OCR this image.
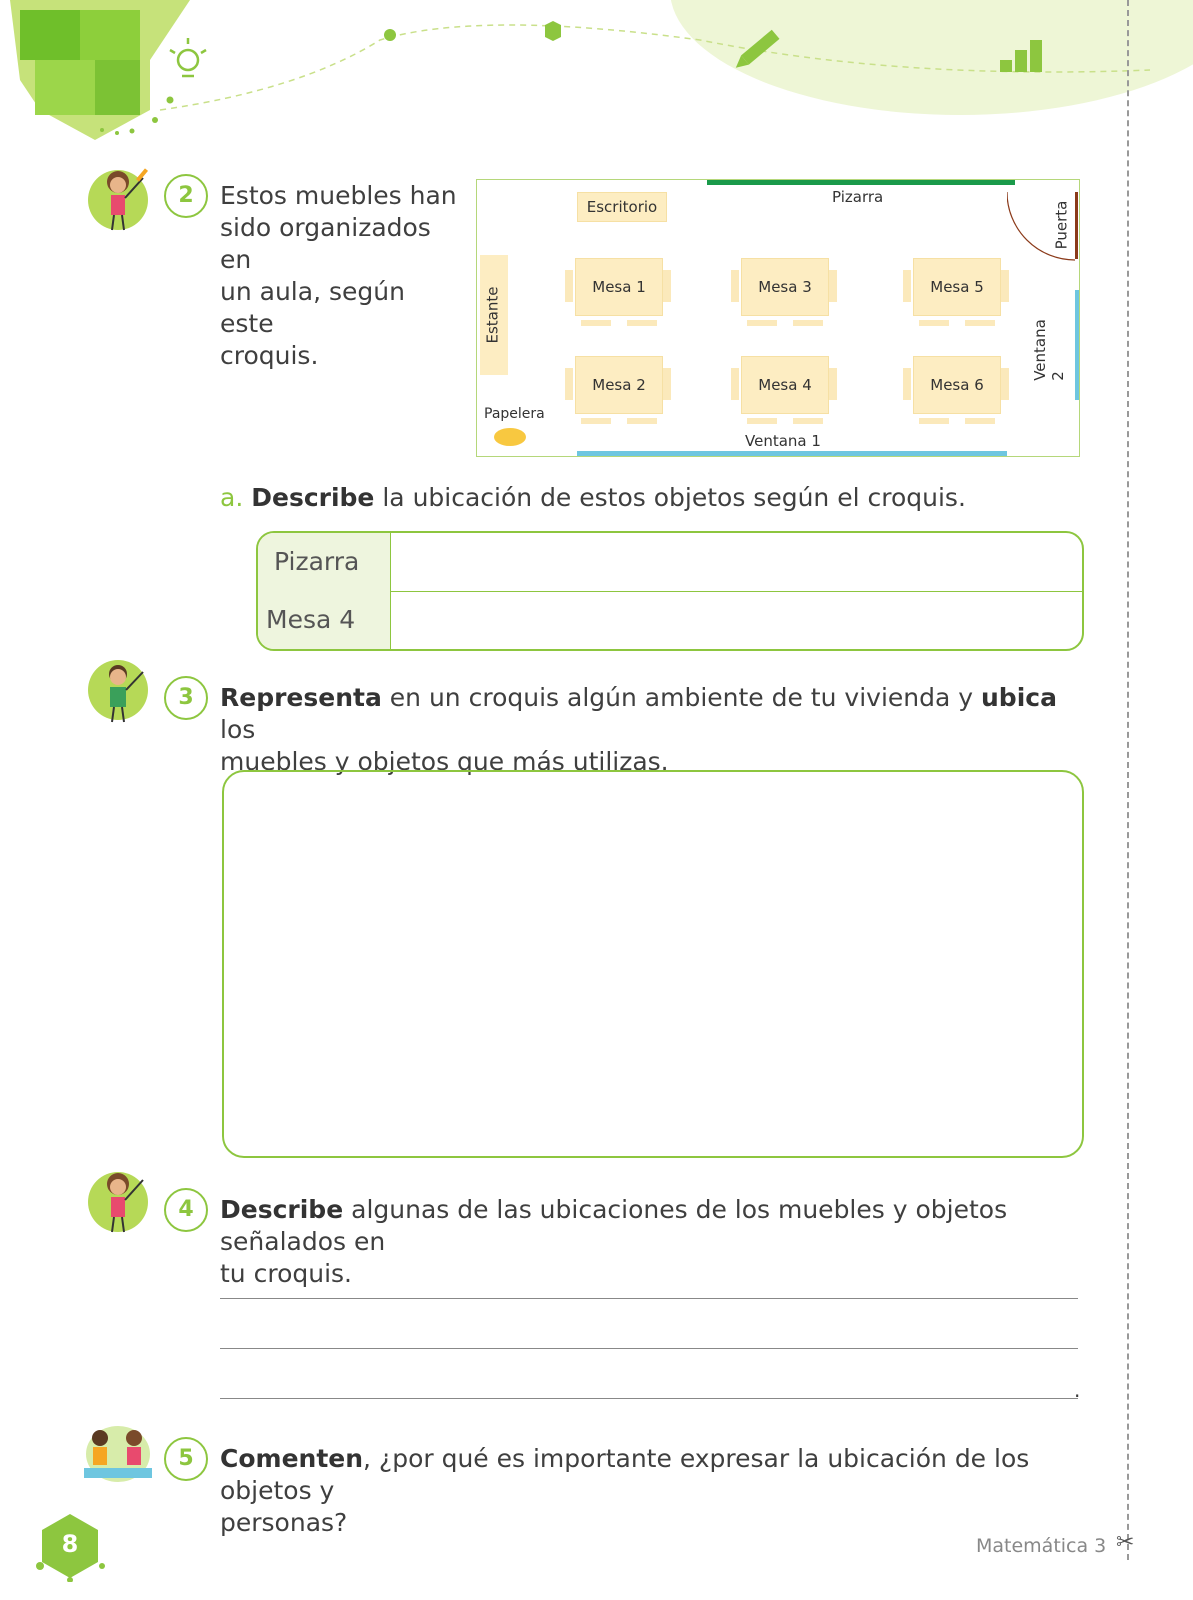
2	Estos muebles han
sido organizados en
un aula, según este
croquis.
Pizarra
Escritorio	Puerta
Ventana 2
Estante
Papelera
Ventana 1
Mesa 1	Mesa 3	Mesa 5
Mesa 2	Mesa 4	Mesa 6
a. Describe la ubicación de estos objetos según el croquis.
Pizarra
Mesa 4
3	Representa en un croquis algún ambiente de tu vivienda y ubica los
muebles y objetos que más utilizas.
4	Describe algunas de las ubicaciones de los muebles y objetos señalados en
tu croquis.
.
5	Comenten, ¿por qué es importante expresar la ubicación de los objetos y
personas?
8	Matemática 3 ✂
